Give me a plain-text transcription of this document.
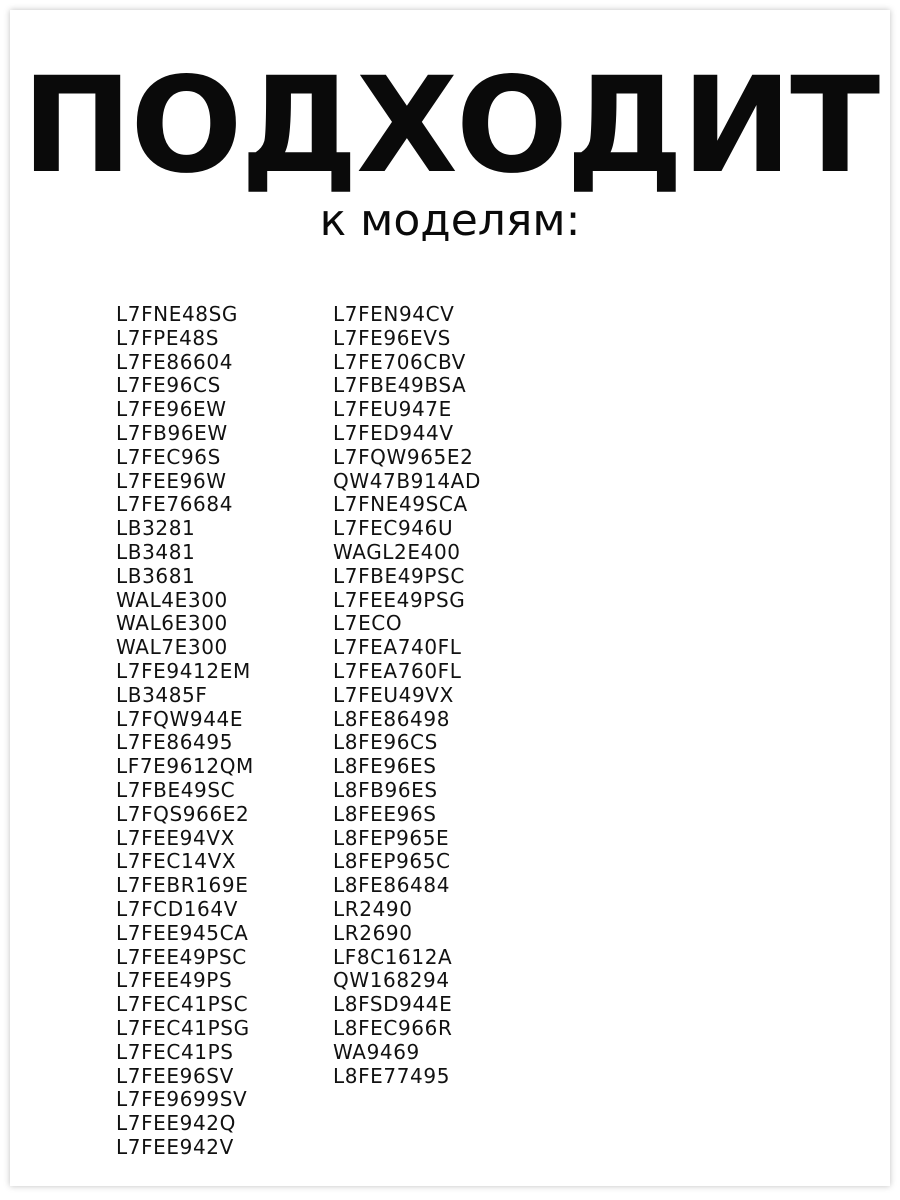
ПОДХОДИТ
к моделям:
L7FNE48SG
L7FPE48S
L7FE86604
L7FE96CS
L7FE96EW
L7FB96EW
L7FEC96S
L7FEE96W
L7FE76684
LB3281
LB3481
LB3681
WAL4E300
WAL6E300
WAL7E300
L7FE9412EM
LB3485F
L7FQW944E
L7FE86495
LF7E9612QM
L7FBE49SC
L7FQS966E2
L7FEE94VX
L7FEC14VX
L7FEBR169E
L7FCD164V
L7FEE945CA
L7FEE49PSC
L7FEE49PS
L7FEC41PSC
L7FEC41PSG
L7FEC41PS
L7FEE96SV
L7FE9699SV
L7FEE942Q
L7FEE942V
L7FEN94CV
L7FE96EVS
L7FE706CBV
L7FBE49BSA
L7FEU947E
L7FED944V
L7FQW965E2
QW47B914AD
L7FNE49SCA
L7FEC946U
WAGL2E400
L7FBE49PSC
L7FEE49PSG
L7ECO
L7FEA740FL
L7FEA760FL
L7FEU49VX
L8FE86498
L8FE96CS
L8FE96ES
L8FB96ES
L8FEE96S
L8FEP965E
L8FEP965C
L8FE86484
LR2490
LR2690
LF8C1612A
QW168294
L8FSD944E
L8FEC966R
WA9469
L8FE77495
